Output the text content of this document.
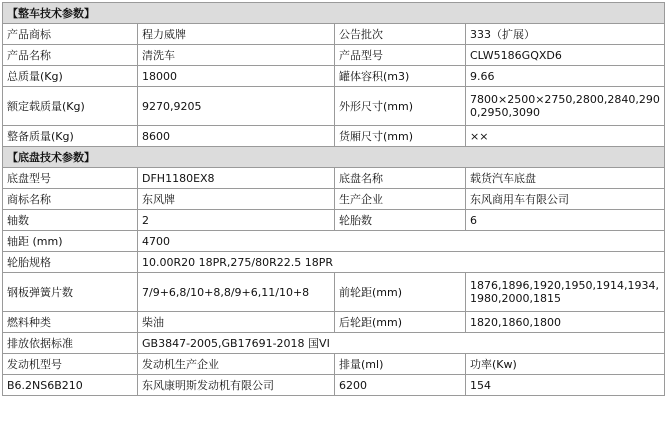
【整车技术参数】			
产品商标	程力威牌	公告批次	333（扩展）
产品名称	清洗车	产品型号	CLW5186GQXD6
总质量(Kg)	18000	罐体容积(m3)	9.66
额定载质量(Kg)	9270,9205	外形尺寸(mm)	7800×2500×2750,2800,2840,2900,2950,3090
整备质量(Kg)	8600	货厢尺寸(mm)	××
【底盘技术参数】			
底盘型号	DFH1180EX8	底盘名称	载货汽车底盘
商标名称	东风牌	生产企业	东风商用车有限公司
轴数	2	轮胎数	6
轴距 (mm)	4700		
轮胎规格	10.00R20 18PR,275/80R22.5 18PR		
钢板弹簧片数	7/9+6,8/10+8,8/9+6,11/10+8	前轮距(mm)	1876,1896,1920,1950,1914,1934,1980,2000,1815
燃料种类	柴油	后轮距(mm)	1820,1860,1800
排放依据标准	GB3847-2005,GB17691-2018 国VI		
发动机型号	发动机生产企业	排量(ml)	功率(Kw)
B6.2NS6B210	东风康明斯发动机有限公司	6200	154
